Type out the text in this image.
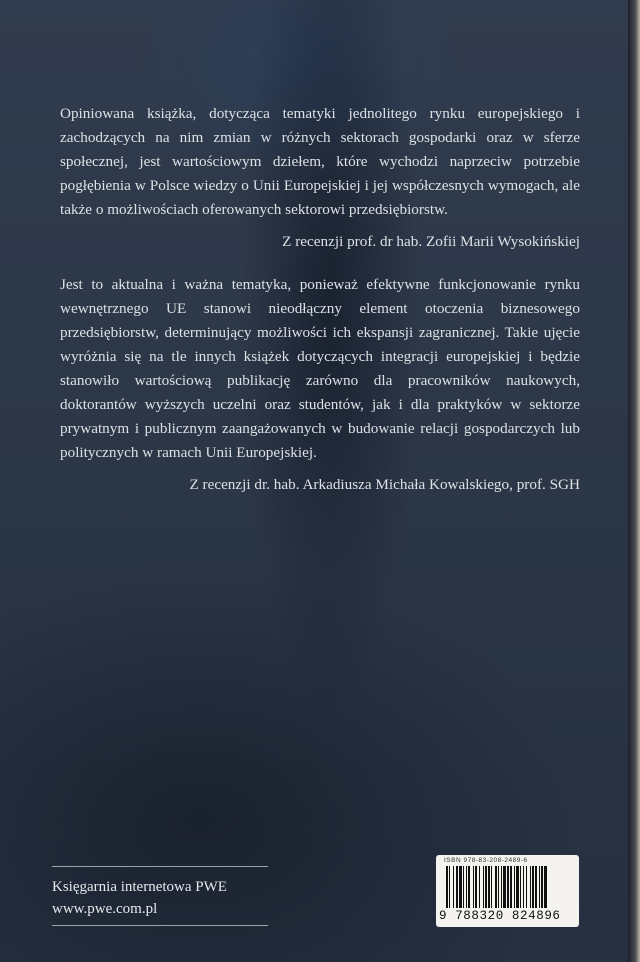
Opiniowana książka, dotycząca tematyki jednolitego rynku europejskiego i zachodzących na nim zmian w różnych sektorach gospodarki oraz w sferze społecznej, jest wartościowym dziełem, które wychodzi naprzeciw potrzebie pogłębienia w Polsce wiedzy o Unii Europejskiej i jej współczesnych wymogach, ale także o możliwościach oferowanych sektorowi przedsiębiorstw.

Z recenzji prof. dr hab. Zofii Marii Wysokińskiej

Jest to aktualna i ważna tematyka, ponieważ efektywne funkcjonowanie rynku wewnętrznego UE stanowi nieodłączny element otoczenia biznesowego przedsiębiorstw, determinujący możliwości ich ekspansji zagranicznej. Takie ujęcie wyróżnia się na tle innych książek dotyczących integracji europejskiej i będzie stanowiło wartościową publikację zarówno dla pracowników naukowych, doktorantów wyższych uczelni oraz studentów, jak i dla praktyków w sektorze prywatnym i publicznym zaangażowanych w budowanie relacji gospodarczych lub politycznych w ramach Unii Europejskiej.

Z recenzji dr. hab. Arkadiusza Michała Kowalskiego, prof. SGH

Księgarnia internetowa PWE
www.pwe.com.pl
ISBN 978-83-208-2489-6
9 788320 824896
